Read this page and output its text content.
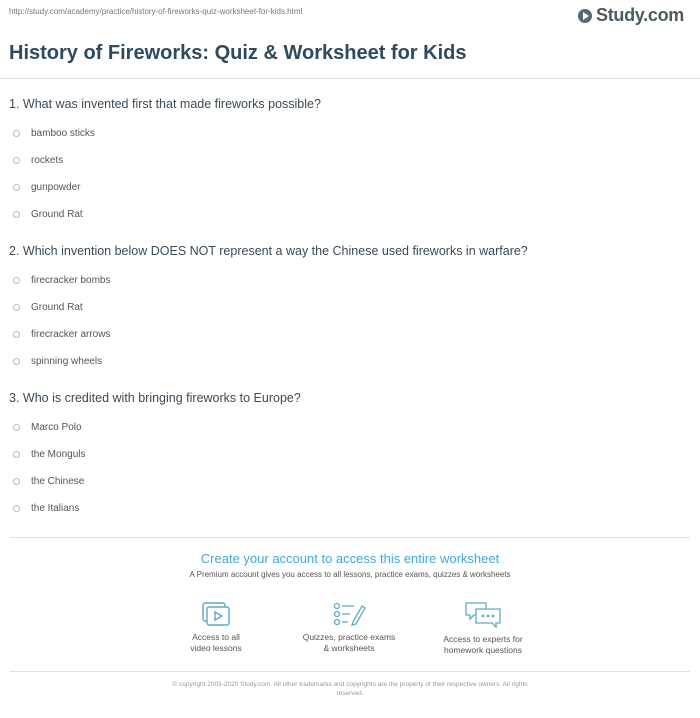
http://study.com/academy/practice/history-of-fireworks-quiz-worksheet-for-kids.html	Study.com
History of Fireworks: Quiz & Worksheet for Kids

1. What was invented first that made fireworks possible?

bamboo sticks
rockets
gunpowder
Ground Rat

2. Which invention below DOES NOT represent a way the Chinese used fireworks in warfare?

firecracker bombs
Ground Rat
firecracker arrows
spinning wheels

3. Who is credited with bringing fireworks to Europe?

Marco Polo
the Monguls
the Chinese
the Italians

Create your account to access this entire worksheet

A Premium account gives you access to all lessons, practice exams, quizzes & worksheets
Access to all
video lessons
Quizzes, practice exams
& worksheets
Access to experts for
homework questions
© copyright 2003-2020 Study.com. All other trademarks and copyrights are the property of their respective owners. All rights
reserved.
